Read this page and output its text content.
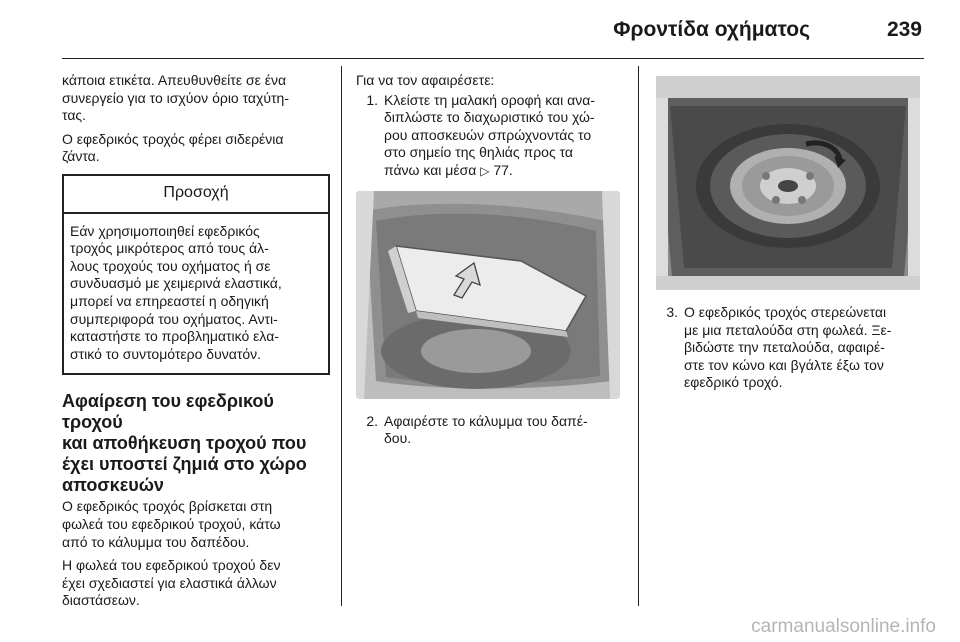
Φροντίδα οχήματος	239

κάποια ετικέτα. Απευθυνθείτε σε ένα
συνεργείο για το ισχύον όριο ταχύτη-
τας.

Ο εφεδρικός τροχός φέρει σιδερένια
ζάντα.

Προσοχή
Εάν χρησιμοποιηθεί εφεδρικός
τροχός μικρότερος από τους άλ-
λους τροχούς του οχήματος ή σε
συνδυασμό με χειμερινά ελαστικά,
μπορεί να επηρεαστεί η οδηγική
συμπεριφορά του οχήματος. Αντι-
καταστήστε το προβληματικό ελα-
στικό το συντομότερο δυνατόν.
Αφαίρεση του εφεδρικού τροχού
και αποθήκευση τροχού που
έχει υποστεί ζημιά στο χώρο
αποσκευών

Ο εφεδρικός τροχός βρίσκεται στη
φωλεά του εφεδρικού τροχού, κάτω
από το κάλυμμα του δαπέδου.

Η φωλεά του εφεδρικού τροχού δεν
έχει σχεδιαστεί για ελαστικά άλλων
διαστάσεων.

Για να τον αφαιρέσετε:

1. Κλείστε τη μαλακή οροφή και ανα-
διπλώστε το διαχωριστικό του χώ-
ρου αποσκευών σπρώχνοντάς το
στο σημείο της θηλιάς προς τα
πάνω και μέσα ▷ 77.
2. Αφαιρέστε το κάλυμμα του δαπέ-
δου.
3. Ο εφεδρικός τροχός στερεώνεται
με μια πεταλούδα στη φωλεά. Ξε-
βιδώστε την πεταλούδα, αφαιρέ-
στε τον κώνο και βγάλτε έξω τον
εφεδρικό τροχό.
carmanualsonline.info
